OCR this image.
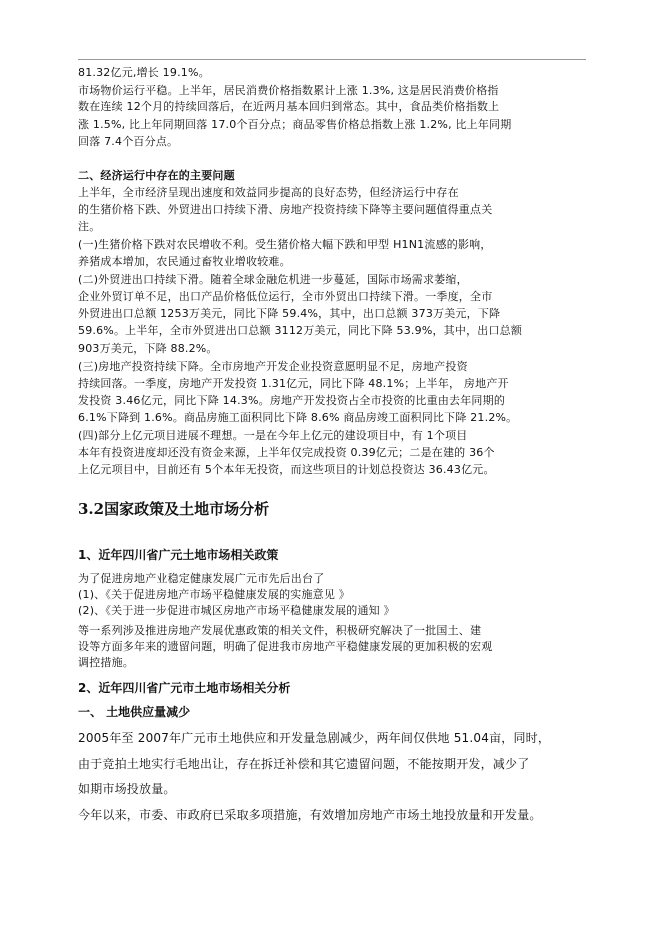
81.32亿元,增长 19.1%。
市场物价运行平稳。上半年，居民消费价格指数累计上涨 1.3%, 这是居民消费价格指
数在连续 12个月的持续回落后，在近两月基本回归到常态。其中，食品类价格指数上
涨 1.5%, 比上年同期回落 17.0个百分点；商品零售价格总指数上涨 1.2%, 比上年同期
回落 7.4个百分点。
二、经济运行中存在的主要问题
上半年，全市经济呈现出速度和效益同步提高的良好态势，但经济运行中存在
的生猪价格下跌、外贸进出口持续下滑、房地产投资持续下降等主要问题值得重点关
注。
(一)生猪价格下跌对农民增收不利。受生猪价格大幅下跌和甲型 H1N1流感的影响，
养猪成本增加，农民通过畜牧业增收较难。
(二)外贸进出口持续下滑。随着全球金融危机进一步蔓延，国际市场需求萎缩，
企业外贸订单不足，出口产品价格低位运行，全市外贸出口持续下滑。一季度，全市
外贸进出口总额 1253万美元，同比下降 59.4%，其中，出口总额 373万美元，下降
59.6%。上半年，全市外贸进出口总额 3112万美元，同比下降 53.9%，其中，出口总额
903万美元，下降 88.2%。
(三)房地产投资持续下降。全市房地产开发企业投资意愿明显不足，房地产投资
持续回落。一季度，房地产开发投资 1.31亿元，同比下降 48.1%；上半年， 房地产开
发投资 3.46亿元，同比下降 14.3%。房地产开发投资占全市投资的比重由去年同期的
6.1%下降到 1.6%。商品房施工面积同比下降 8.6% 商品房竣工面积同比下降 21.2%。
(四)部分上亿元项目进展不理想。一是在今年上亿元的建设项目中，有 1个项目
本年有投资进度却还没有资金来源，上半年仅完成投资 0.39亿元；二是在建的 36个
上亿元项目中，目前还有 5个本年无投资，而这些项目的计划总投资达 36.43亿元。
3.2国家政策及土地市场分析
1、近年四川省广元土地市场相关政策
为了促进房地产业稳定健康发展广元市先后出台了
(1)、《关于促进房地产市场平稳健康发展的实施意见 》
(2)、《关于进一步促进市城区房地产市场平稳健康发展的通知 》
等一系列涉及推进房地产发展优惠政策的相关文件，积极研究解决了一批国土、建
设等方面多年来的遗留问题，明确了促进我市房地产平稳健康发展的更加积极的宏观
调控措施。
2、近年四川省广元市土地市场相关分析
一、 土地供应量减少
2005年至 2007年广元市土地供应和开发量急剧减少，两年间仅供地 51.04亩，同时，
由于竞拍土地实行毛地出让，存在拆迁补偿和其它遗留问题，不能按期开发，减少了
如期市场投放量。
今年以来，市委、市政府已采取多项措施，有效增加房地产市场土地投放量和开发量。
